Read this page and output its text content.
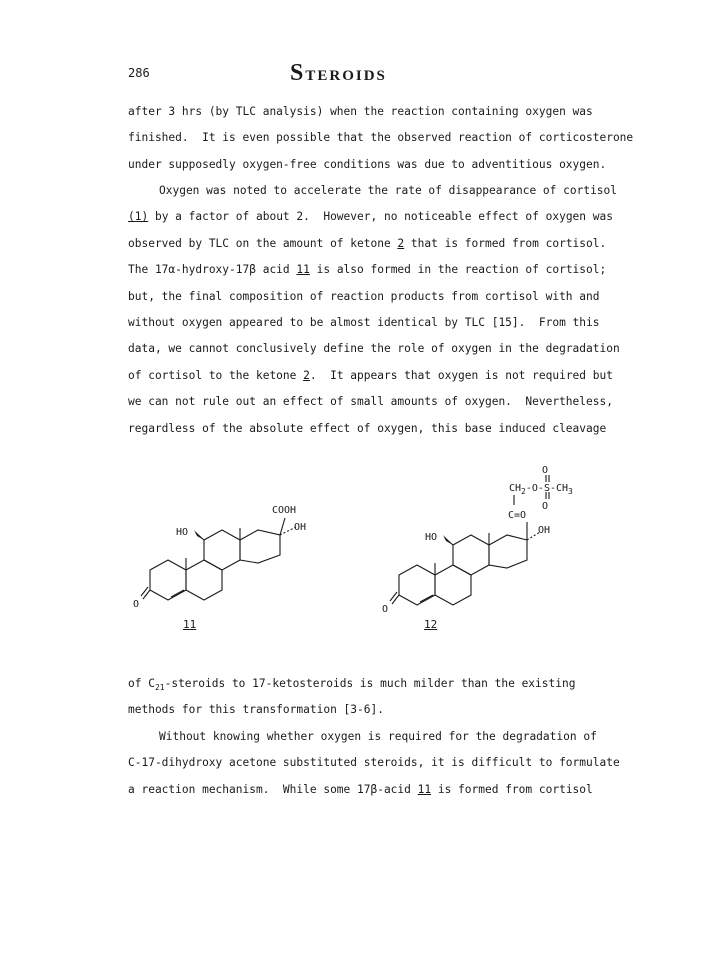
286	STEROIDS
after 3 hrs (by TLC analysis) when the reaction containing oxygen was
finished.  It is even possible that the observed reaction of corticosterone
under supposedly oxygen-free conditions was due to adventitious oxygen.
Oxygen was noted to accelerate the rate of disappearance of cortisol
(1) by a factor of about 2.  However, no noticeable effect of oxygen was
observed by TLC on the amount of ketone 2 that is formed from cortisol.
The 17α-hydroxy-17β acid 11 is also formed in the reaction of cortisol;
but, the final composition of reaction products from cortisol with and
without oxygen appeared to be almost identical by TLC [15].  From this
data, we cannot conclusively define the role of oxygen in the degradation
of cortisol to the ketone 2.  It appears that oxygen is not required but
we can not rule out an effect of small amounts of oxygen.  Nevertheless,
regardless of the absolute effect of oxygen, this base induced cleavage
COOH
OH
HO
O
O
$CH_2-O-S-CH_3$
O
C=O
OH
HO
O
11	12
of $C_{21}$-steroids to 17-ketosteroids is much milder than the existing
methods for this transformation [3-6].
Without knowing whether oxygen is required for the degradation of
C-17-dihydroxy acetone substituted steroids, it is difficult to formulate
a reaction mechanism.  While some 17β-acid 11 is formed from cortisol
